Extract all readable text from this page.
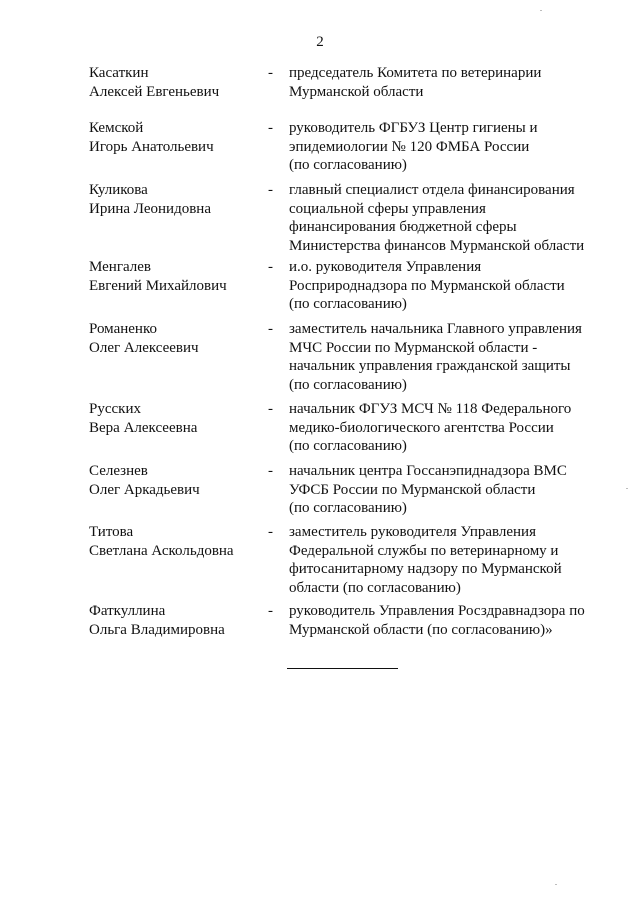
2
Касаткин
Алексей Евгеньевич
- председатель Комитета по ветеринарии
Мурманской области
Кемской
Игорь Анатольевич
- руководитель ФГБУЗ Центр гигиены и
эпидемиологии № 120 ФМБА России
(по согласованию)
Куликова
Ирина Леонидовна
- главный специалист отдела финансирования
социальной сферы управления
финансирования бюджетной сферы
Министерства финансов Мурманской области
Менгалев
Евгений Михайлович
- и.о. руководителя Управления
Росприроднадзора по Мурманской области
(по согласованию)
Романенко
Олег Алексеевич
- заместитель начальника Главного управления
МЧС России по Мурманской области -
начальник управления гражданской защиты
(по согласованию)
Русских
Вера Алексеевна
- начальник ФГУЗ МСЧ № 118 Федерального
медико-биологического агентства России
(по согласованию)
Селезнев
Олег Аркадьевич
- начальник центра Госсанэпиднадзора ВМС
УФСБ России по Мурманской области
(по согласованию)
Титова
Светлана Аскольдовна
- заместитель руководителя Управления
Федеральной службы по ветеринарному и
фитосанитарному надзору по Мурманской
области (по согласованию)
Фаткуллина
Ольга Владимировна
- руководитель Управления Росздравнадзора по
Мурманской области (по согласованию)»
